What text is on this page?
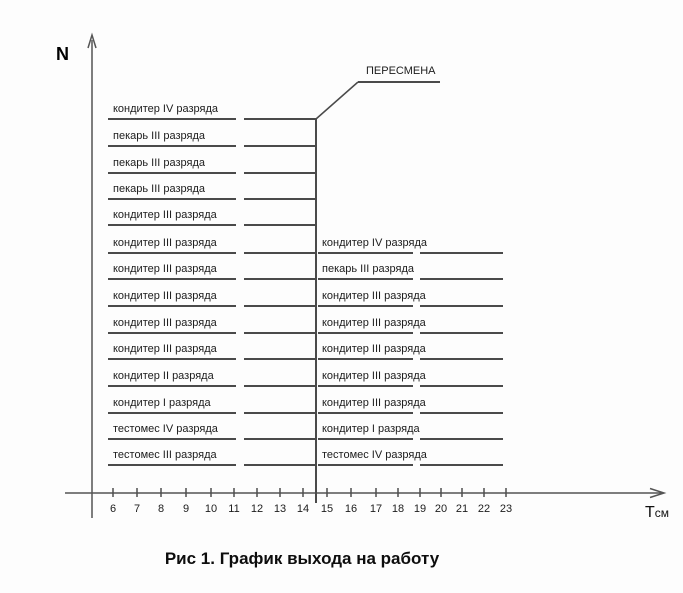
N
Тсм
ПЕРЕСМЕНА
6 7 8 9 10 11 12 13 14 15 16 17 18 19 20 21 22 23
кондитер IV разряда
пекарь III разряда
пекарь III разряда
пекарь III разряда
кондитер III разряда
кондитер III разряда
кондитер III разряда
кондитер III разряда
кондитер III разряда
кондитер III разряда
кондитер II разряда
кондитер I разряда
тестомес IV разряда
тестомес III разряда
кондитер IV разряда
пекарь III разряда
кондитер III разряда
кондитер III разряда
кондитер III разряда
кондитер III разряда
кондитер III разряда
кондитер I разряда
тестомес IV разряда
Рис 1. График выхода на работу
